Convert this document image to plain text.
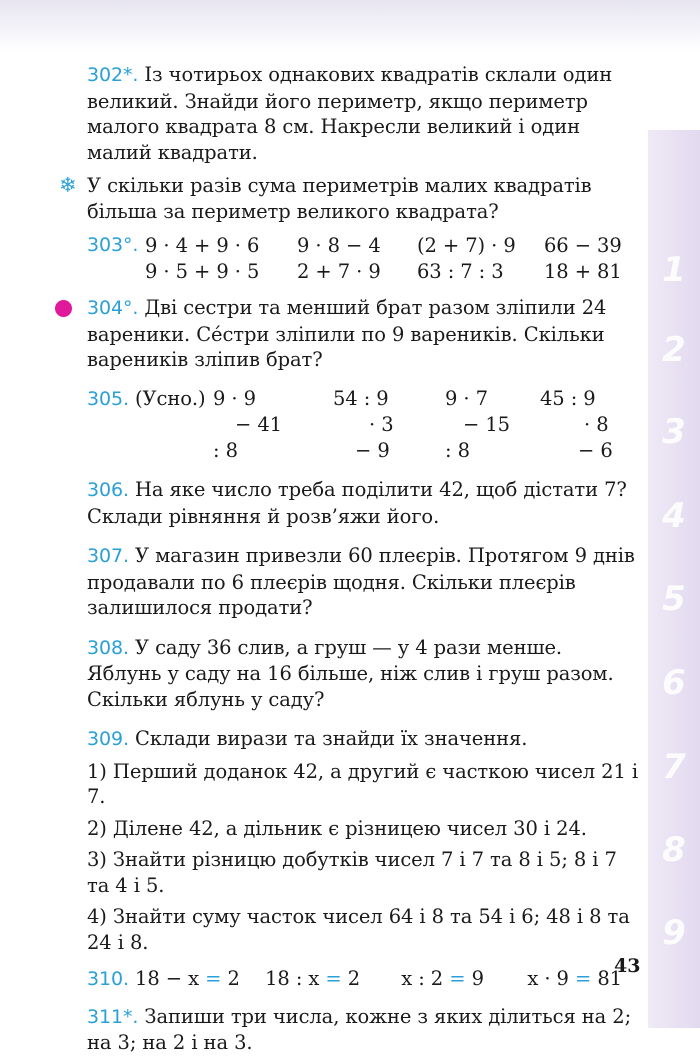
1
2
3
4
5
6
7
8
9
302*. Із чотирьох однакових квадратів склали один великий. Знайди його периметр, якщо периметр малого квадрата 8 см. Накресли великий і один малий квадрати.
❄ У скільки разів сума периметрів малих квадратів більша за периметр великого квадрата?
303°. 9 · 4 + 9 · 6	9 · 8 − 4	(2 + 7) · 9	66 − 39
9 · 5 + 9 · 5	2 + 7 · 9	63 : 7 : 3	18 + 81
304°. Дві сестри та менший брат разом зліпили 24 вареники. Се́стри зліпили по 9 вареників. Скільки вареників зліпив брат?
305. (Усно.) 9 · 9	54 : 9	9 · 7	45 : 9
− 41	· 3	− 15	· 8
: 8	− 9	: 8	− 6
306. На яке число треба поділити 42, щоб дістати 7? Склади рівняння й розв’яжи його.
307. У магазин привезли 60 плеєрів. Протягом 9 днів продавали по 6 плеєрів щодня. Скільки плеєрів залишилося продати?
308. У саду 36 слив, а груш — у 4 рази менше. Яблунь у саду на 16 більше, ніж слив і груш разом. Скільки яблунь у саду?
309. Склади вирази та знайди їх значення.
1) Перший доданок 42, а другий є часткою чисел 21 і 7.
2) Ділене 42, а дільник є різницею чисел 30 і 24.
3) Знайти різницю добутків чисел 7 і 7 та 8 і 5; 8 і 7 та 4 і 5.
4) Знайти суму часток чисел 64 і 8 та 54 і 6; 48 і 8 та 24 і 8.
310. 18 − x = 2 18 : x = 2 x : 2 = 9 x · 9 = 81
311*. Запиши три числа, кожне з яких ділиться на 2; на 3; на 2 і на 3.
43
